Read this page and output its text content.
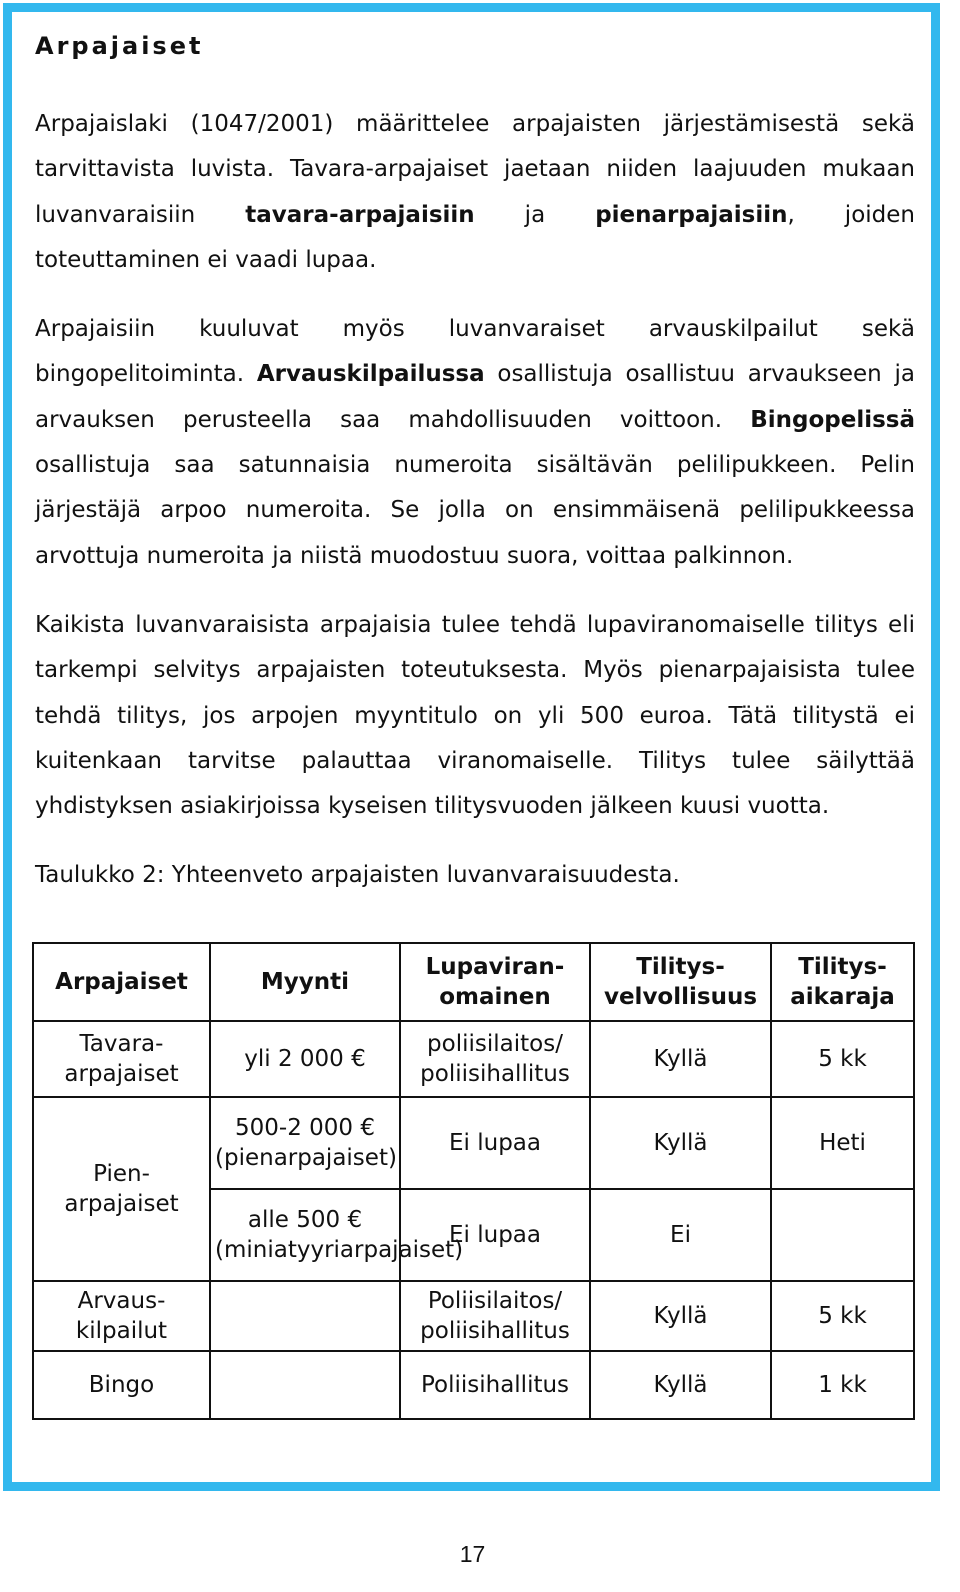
Arpajaiset

Arpajaislaki (1047/2001) määrittelee arpajaisten järjestämisestä sekä tarvittavista luvista. Tavara-arpajaiset jaetaan niiden laajuuden mukaan luvanvaraisiin tavara-arpajaisiin ja pienarpajaisiin, joiden toteuttaminen ei vaadi lupaa.

Arpajaisiin kuuluvat myös luvanvaraiset arvauskilpailut sekä bingopelitoiminta. Arvauskilpailussa osallistuja osallistuu arvaukseen ja arvauksen perusteella saa mahdollisuuden voittoon. Bingopelissä osallistuja saa satunnaisia numeroita sisältävän pelilipukkeen. Pelin järjestäjä arpoo numeroita. Se jolla on ensimmäisenä pelilipukkeessa arvottuja numeroita ja niistä muodostuu suora, voittaa palkinnon.

Kaikista luvanvaraisista arpajaisia tulee tehdä lupaviranomaiselle tilitys eli tarkempi selvitys arpajaisten toteutuksesta. Myös pienarpajaisista tulee tehdä tilitys, jos arpojen myyntitulo on yli 500 euroa. Tätä tilitystä ei kuitenkaan tarvitse palauttaa viranomaiselle. Tilitys tulee säilyttää yhdistyksen asiakirjoissa kyseisen tilitysvuoden jälkeen kuusi vuotta.

Taulukko 2: Yhteenveto arpajaisten luvanvaraisuudesta.
Arpajaiset	Myynti	Lupaviran-omainen	Tilitys-velvollisuus	Tilitys-aikaraja
Tavara-arpajaiset	yli 2 000 €	poliisilaitos/ poliisihallitus	Kyllä	5 kk
Pien-arpajaiset	500-2 000 € (pienarpajaiset)	Ei lupaa	Kyllä	Heti
	alle 500 € (miniatyyriarpajaiset)	Ei lupaa	Ei	
Arvaus-kilpailut		Poliisilaitos/ poliisihallitus	Kyllä	5 kk
Bingo		Poliisihallitus	Kyllä	1 kk
17
